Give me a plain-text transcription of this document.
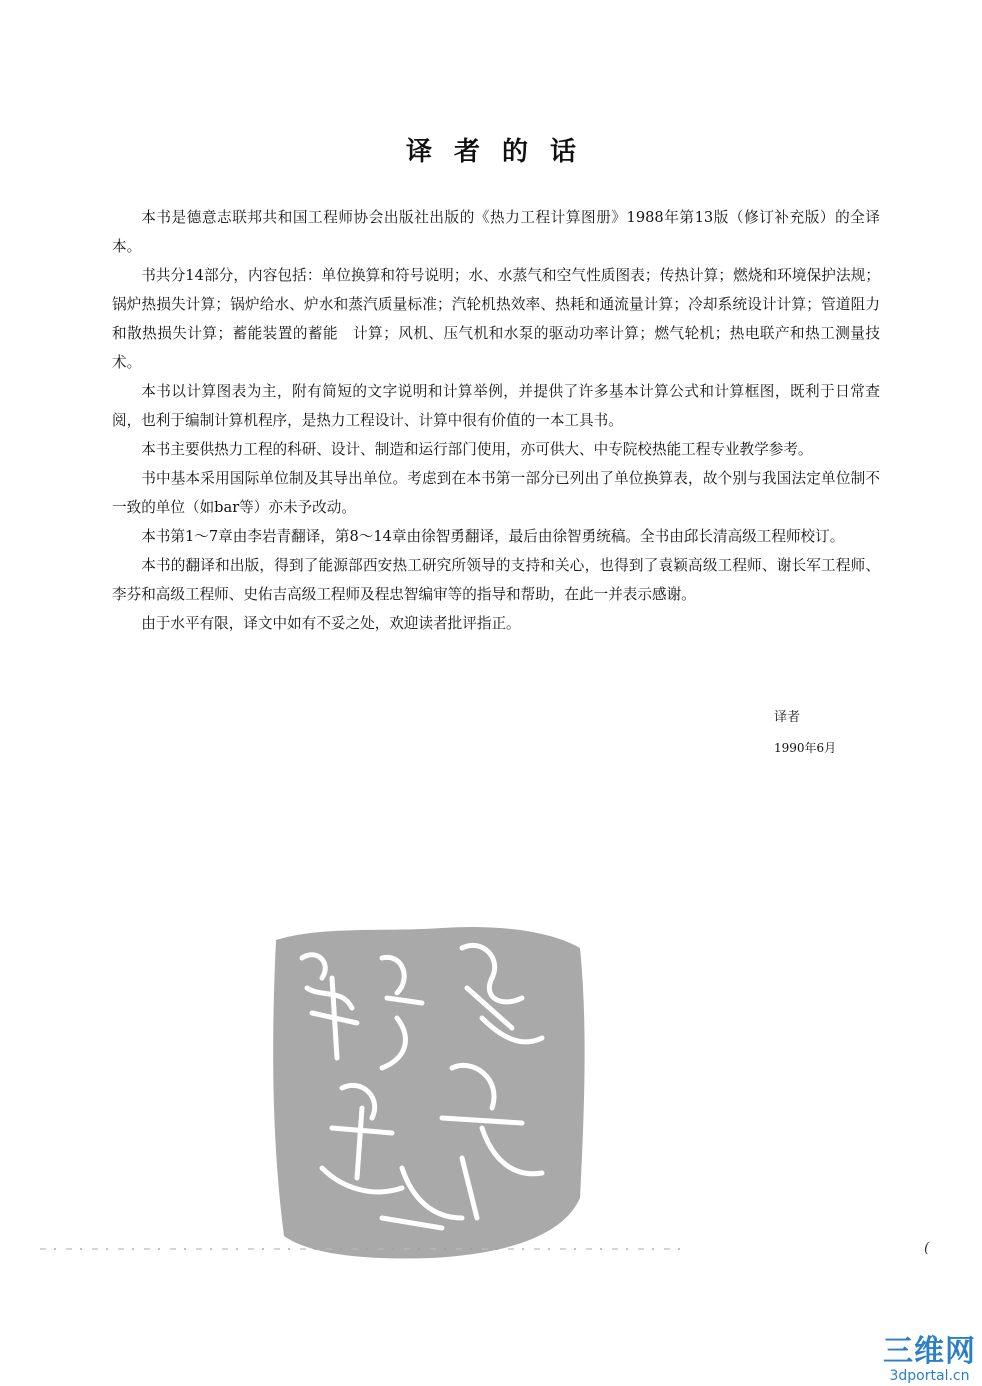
译者的话

本书是德意志联邦共和国工程师协会出版社出版的《热力工程计算图册》1988年第13版（修订补充版）的全译本。

书共分14部分，内容包括：单位换算和符号说明；水、水蒸气和空气性质图表；传热计算；燃烧和环境保护法规；锅炉热损失计算；锅炉给水、炉水和蒸汽质量标准；汽轮机热效率、热耗和通流量计算；冷却系统设计计算；管道阻力和散热损失计算；蓄能装置的蓄能　计算；风机、压气机和水泵的驱动功率计算；燃气轮机；热电联产和热工测量技术。

本书以计算图表为主，附有简短的文字说明和计算举例，并提供了许多基本计算公式和计算框图，既利于日常查阅，也利于编制计算机程序，是热力工程设计、计算中很有价值的一本工具书。

本书主要供热力工程的科研、设计、制造和运行部门使用，亦可供大、中专院校热能工程专业教学参考。

书中基本采用国际单位制及其导出单位。考虑到在本书第一部分已列出了单位换算表，故个别与我国法定单位制不一致的单位（如bar等）亦未予改动。

本书第1～7章由李岩青翻译，第8～14章由徐智勇翻译，最后由徐智勇统稿。全书由邱长清高级工程师校订。

本书的翻译和出版，得到了能源部西安热工研究所领导的支持和关心，也得到了袁颖高级工程师、谢长军工程师、李芬和高级工程师、史佑吉高级工程师及程忠智编审等的指导和帮助，在此一并表示感谢。

由于水平有限，译文中如有不妥之处，欢迎读者批评指正。

译者
1990年6月
(
三维网
3dportal.cn
